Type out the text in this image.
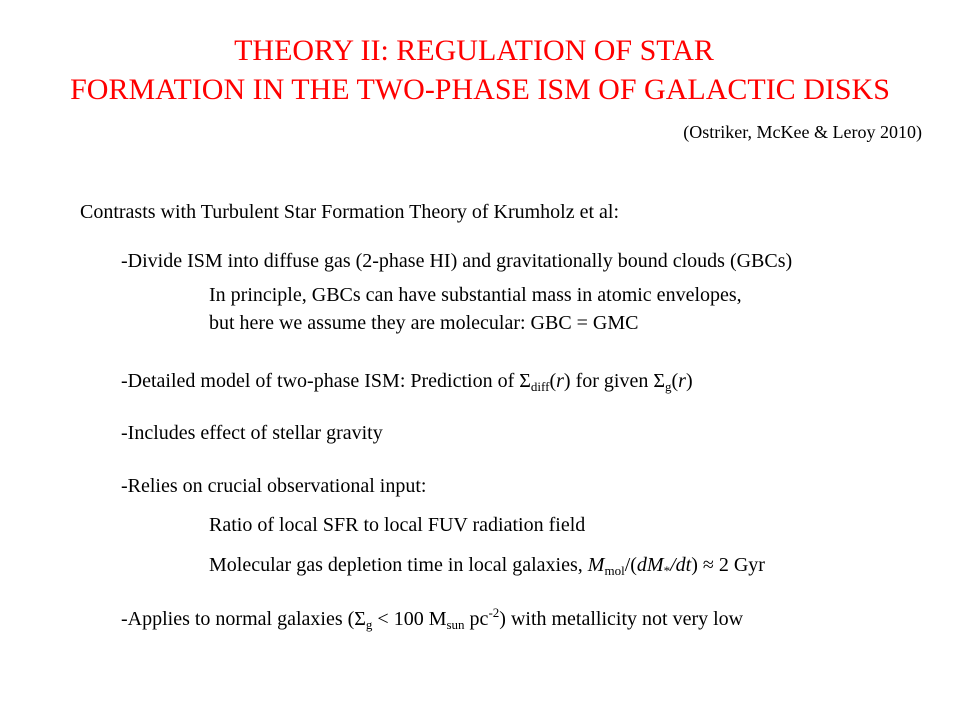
THEORY II: REGULATION OF STAR
FORMATION IN THE TWO-PHASE ISM OF GALACTIC DISKS
(Ostriker, McKee & Leroy 2010)
Contrasts with Turbulent Star Formation Theory of Krumholz et al:
-Divide ISM into diffuse gas (2-phase HI) and gravitationally bound clouds (GBCs)
In principle, GBCs can have substantial mass in atomic envelopes,
but here we assume they are molecular: GBC = GMC
-Detailed model of two-phase ISM: Prediction of $\Sigma_{diff}(r)$ for given $\Sigma_g(r)$
-Includes effect of stellar gravity
-Relies on crucial observational input:
Ratio of local SFR to local FUV radiation field
Molecular gas depletion time in local galaxies, $M_{mol}/(dM_*/dt) \approx 2$ Gyr
-Applies to normal galaxies ($\Sigma_g < 100$ $M_{sun}$ $pc^{-2}$) with metallicity not very low
